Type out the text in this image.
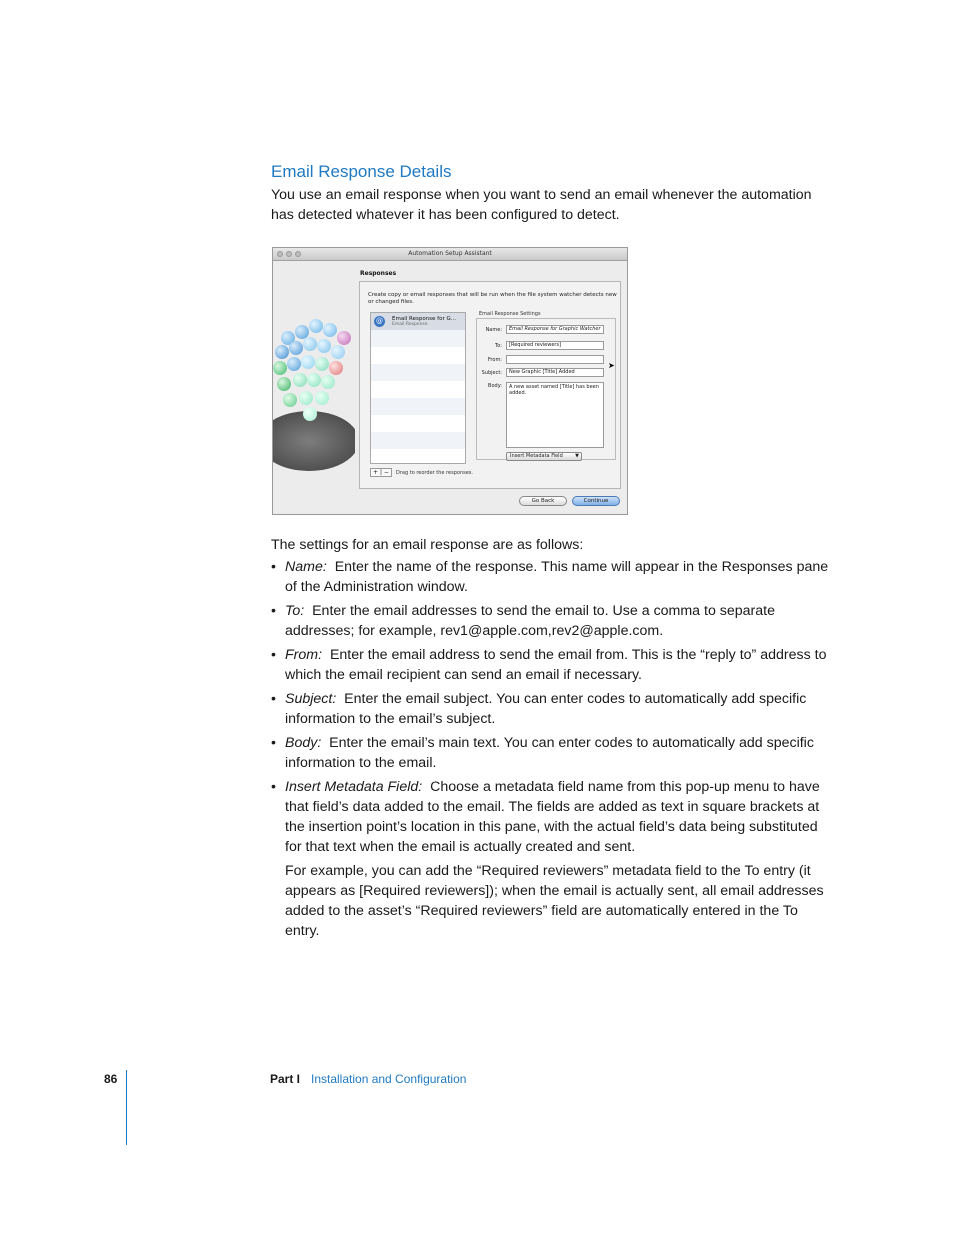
Email Response Details

You use an email response when you want to send an email whenever the automation has detected whatever it has been configured to detect.

Automation Setup Assistant
Responses
Create copy or email responses that will be run when the file system watcher detects new or changed files.
@	Email Response for G...
Email Response
+ | −	Drag to reorder the responses.
Email Response Settings
Name:	Email Response for Graphic Watcher
To:	[Required reviewers]
From:
Subject:	New Graphic [Title] Added
Body:	A new asset named [Title] has been added.
Insert Metadata Field ▼
➤
Go Back	Continue

The settings for an email response are as follows:

• Name: Enter the name of the response. This name will appear in the Responses pane of the Administration window.
• To: Enter the email addresses to send the email to. Use a comma to separate addresses; for example, rev1@apple.com,rev2@apple.com.
• From: Enter the email address to send the email from. This is the “reply to” address to which the email recipient can send an email if necessary.
• Subject: Enter the email subject. You can enter codes to automatically add specific information to the email’s subject.
• Body: Enter the email’s main text. You can enter codes to automatically add specific information to the email.
• Insert Metadata Field: Choose a metadata field name from this pop-up menu to have that field’s data added to the email. The fields are added as text in square brackets at the insertion point’s location in this pane, with the actual field’s data being substituted for that text when the email is actually created and sent.

For example, you can add the “Required reviewers” metadata field to the To entry (it appears as [Required reviewers]); when the email is actually sent, all email addresses added to the asset’s “Required reviewers” field are automatically entered in the To entry.

86	Part I Installation and Configuration
